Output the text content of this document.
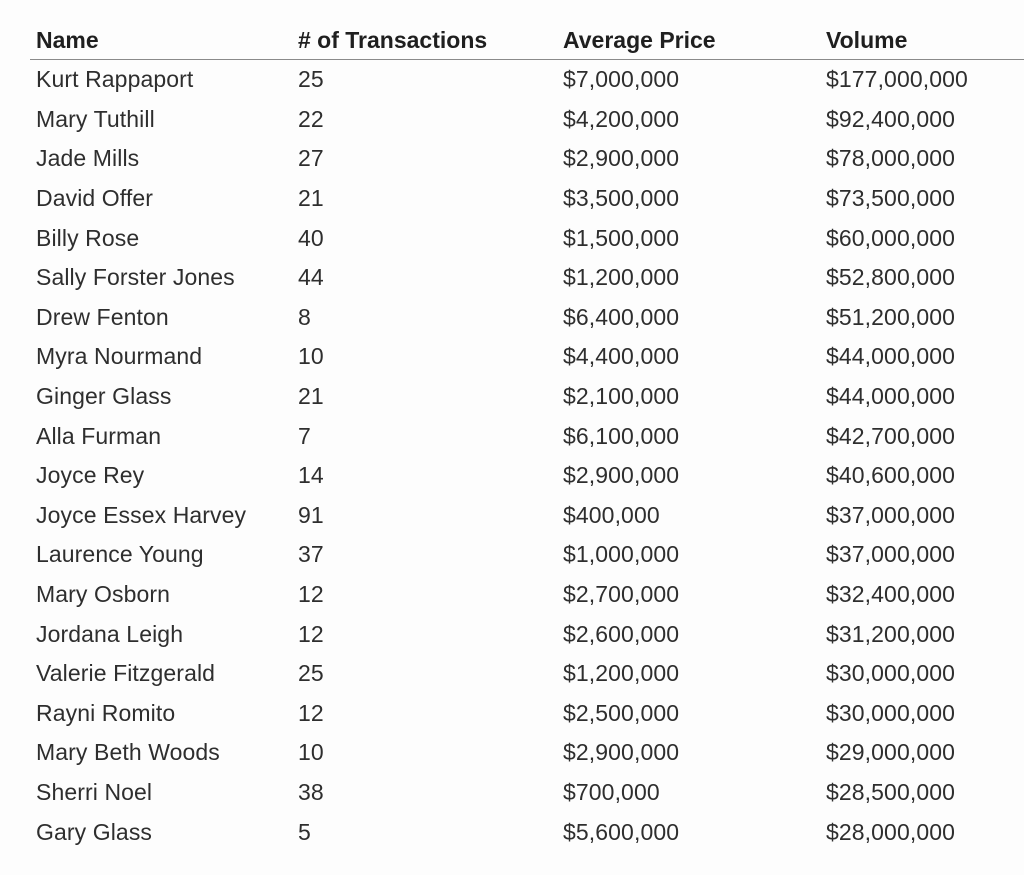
Name	# of Transactions	Average Price	Volume
Kurt Rappaport	25	$7,000,000	$177,000,000
Mary Tuthill	22	$4,200,000	$92,400,000
Jade Mills	27	$2,900,000	$78,000,000
David Offer	21	$3,500,000	$73,500,000
Billy Rose	40	$1,500,000	$60,000,000
Sally Forster Jones	44	$1,200,000	$52,800,000
Drew Fenton	8	$6,400,000	$51,200,000
Myra Nourmand	10	$4,400,000	$44,000,000
Ginger Glass	21	$2,100,000	$44,000,000
Alla Furman	7	$6,100,000	$42,700,000
Joyce Rey	14	$2,900,000	$40,600,000
Joyce Essex Harvey	91	$400,000	$37,000,000
Laurence Young	37	$1,000,000	$37,000,000
Mary Osborn	12	$2,700,000	$32,400,000
Jordana Leigh	12	$2,600,000	$31,200,000
Valerie Fitzgerald	25	$1,200,000	$30,000,000
Rayni Romito	12	$2,500,000	$30,000,000
Mary Beth Woods	10	$2,900,000	$29,000,000
Sherri Noel	38	$700,000	$28,500,000
Gary Glass	5	$5,600,000	$28,000,000
